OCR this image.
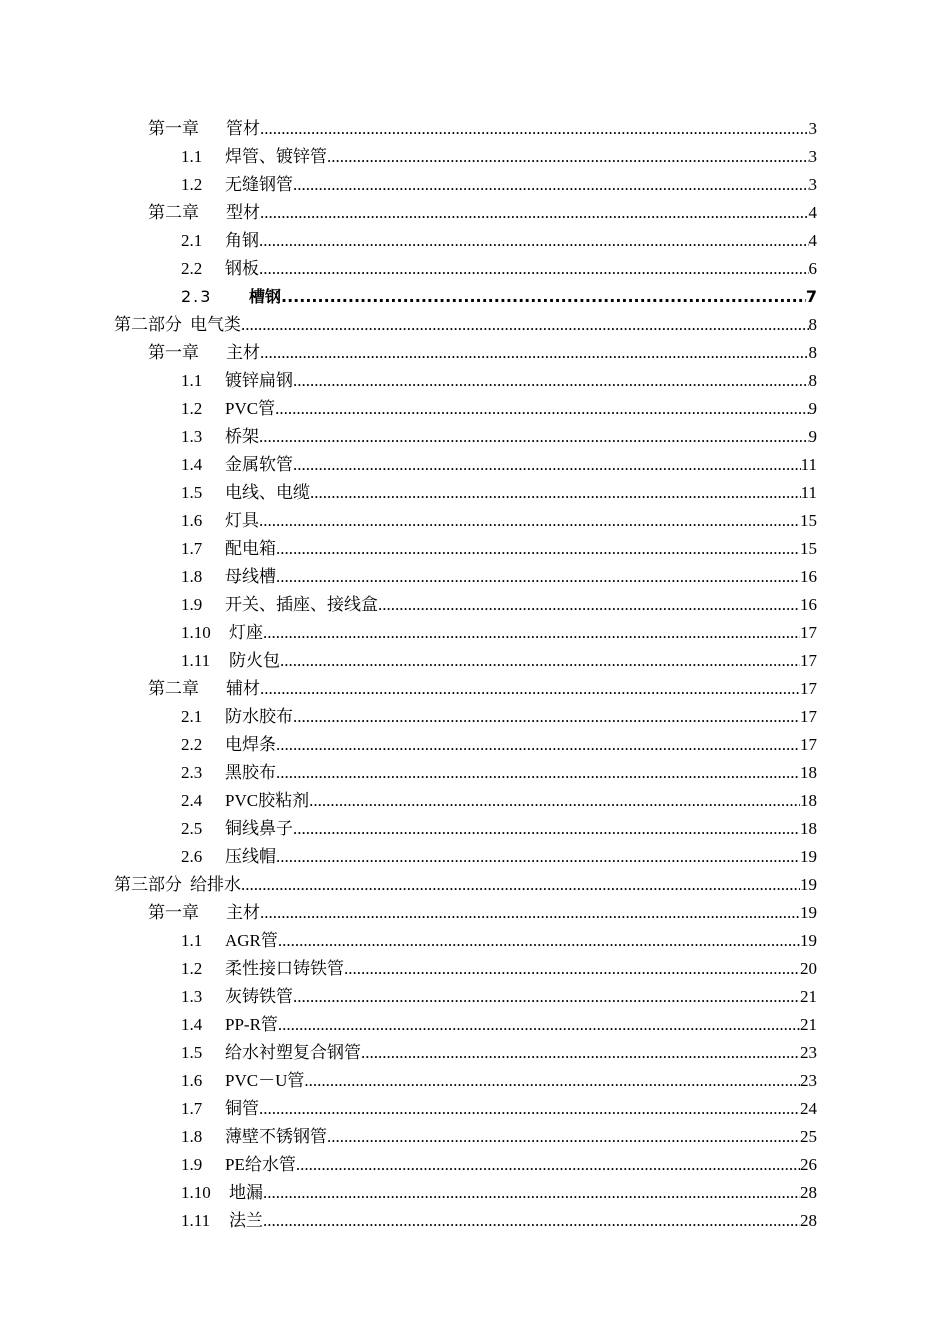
第一章 管材 .....	3
1.1 焊管、镀锌管 .....	3
1.2 无缝钢管 .....	3
第二章 型材 .....	4
2.1 角钢 .....	4
2.2 钢板 .....	6
2.3 槽钢 .....	7
第二部分 电气类 .....	8
第一章 主材 .....	8
1.1 镀锌扁钢 .....	8
1.2 PVC管 .....	9
1.3 桥架 .....	9
1.4 金属软管 .....	11
1.5 电线、电缆 .....	11
1.6 灯具 .....	15
1.7 配电箱 .....	15
1.8 母线槽 .....	16
1.9 开关、插座、接线盒 .....	16
1.10 灯座 .....	17
1.11 防火包 .....	17
第二章 辅材 .....	17
2.1 防水胶布 .....	17
2.2 电焊条 .....	17
2.3 黑胶布 .....	18
2.4 PVC胶粘剂 .....	18
2.5 铜线鼻子 .....	18
2.6 压线帽 .....	19
第三部分 给排水 .....	19
第一章 主材 .....	19
1.1 AGR管 .....	19
1.2 柔性接口铸铁管 .....	20
1.3 灰铸铁管 .....	21
1.4 PP-R管 .....	21
1.5 给水衬塑复合钢管 .....	23
1.6 PVC－U管 .....	23
1.7 铜管 .....	24
1.8 薄壁不锈钢管 .....	25
1.9 PE给水管 .....	26
1.10 地漏 .....	28
1.11 法兰 .....	28
